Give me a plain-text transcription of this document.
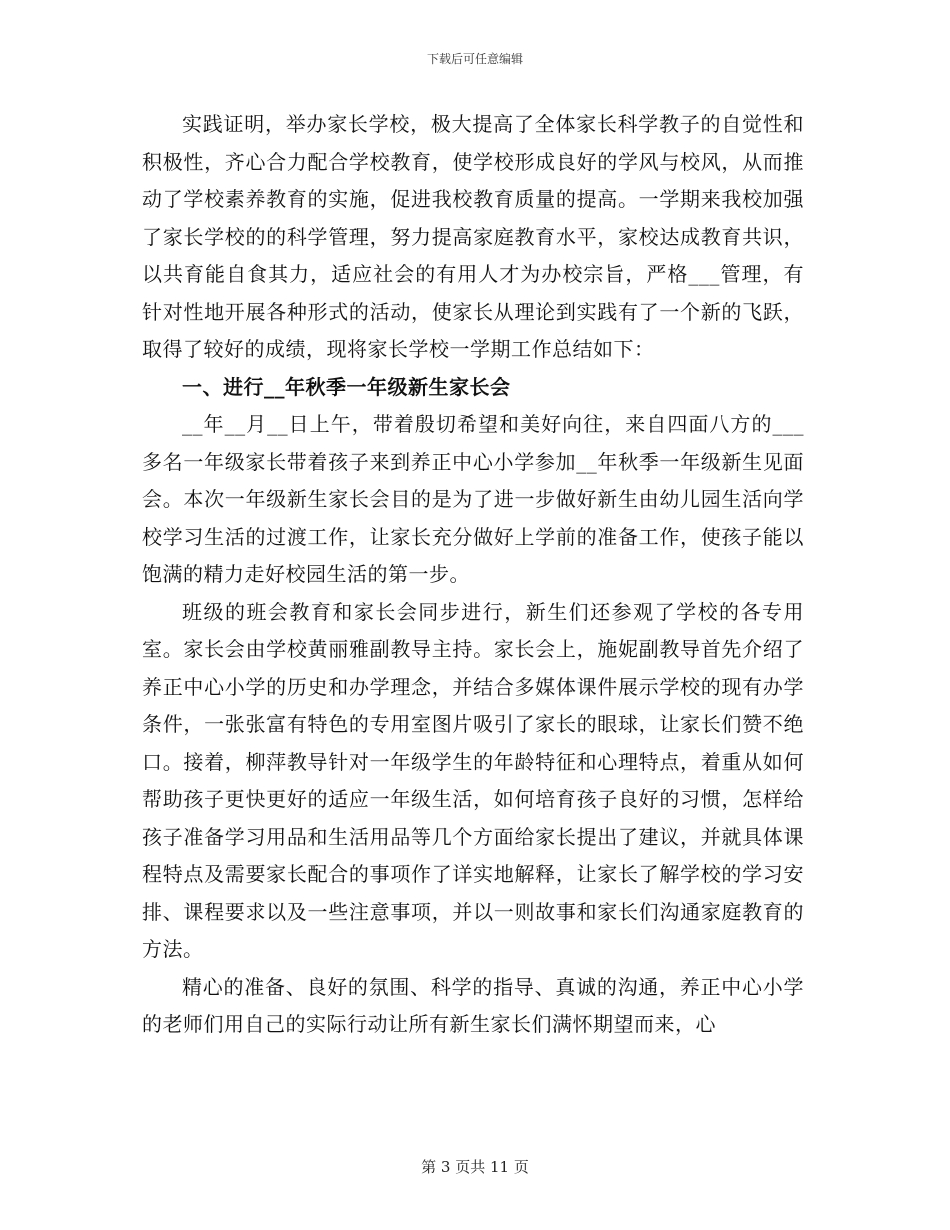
下载后可任意编辑

实践证明，举办家长学校，极大提高了全体家长科学教子的自觉性和积极性，齐心合力配合学校教育，使学校形成良好的学风与校风，从而推动了学校素养教育的实施，促进我校教育质量的提高。一学期来我校加强了家长学校的的科学管理，努力提高家庭教育水平，家校达成教育共识，以共育能自食其力，适应社会的有用人才为办校宗旨，严格___管理，有针对性地开展各种形式的活动，使家长从理论到实践有了一个新的飞跃，取得了较好的成绩，现将家长学校一学期工作总结如下：

一、进行__年秋季一年级新生家长会

__年__月__日上午，带着殷切希望和美好向往，来自四面八方的___多名一年级家长带着孩子来到养正中心小学参加__年秋季一年级新生见面会。本次一年级新生家长会目的是为了进一步做好新生由幼儿园生活向学校学习生活的过渡工作，让家长充分做好上学前的准备工作，使孩子能以饱满的精力走好校园生活的第一步。

班级的班会教育和家长会同步进行，新生们还参观了学校的各专用室。家长会由学校黄丽雅副教导主持。家长会上，施妮副教导首先介绍了养正中心小学的历史和办学理念，并结合多媒体课件展示学校的现有办学条件，一张张富有特色的专用室图片吸引了家长的眼球，让家长们赞不绝口。接着，柳萍教导针对一年级学生的年龄特征和心理特点，着重从如何帮助孩子更快更好的适应一年级生活，如何培育孩子良好的习惯，怎样给孩子准备学习用品和生活用品等几个方面给家长提出了建议，并就具体课程特点及需要家长配合的事项作了详实地解释，让家长了解学校的学习安排、课程要求以及一些注意事项，并以一则故事和家长们沟通家庭教育的方法。

精心的准备、良好的氛围、科学的指导、真诚的沟通，养正中心小学的老师们用自己的实际行动让所有新生家长们满怀期望而来，心

第 3 页共 11 页
